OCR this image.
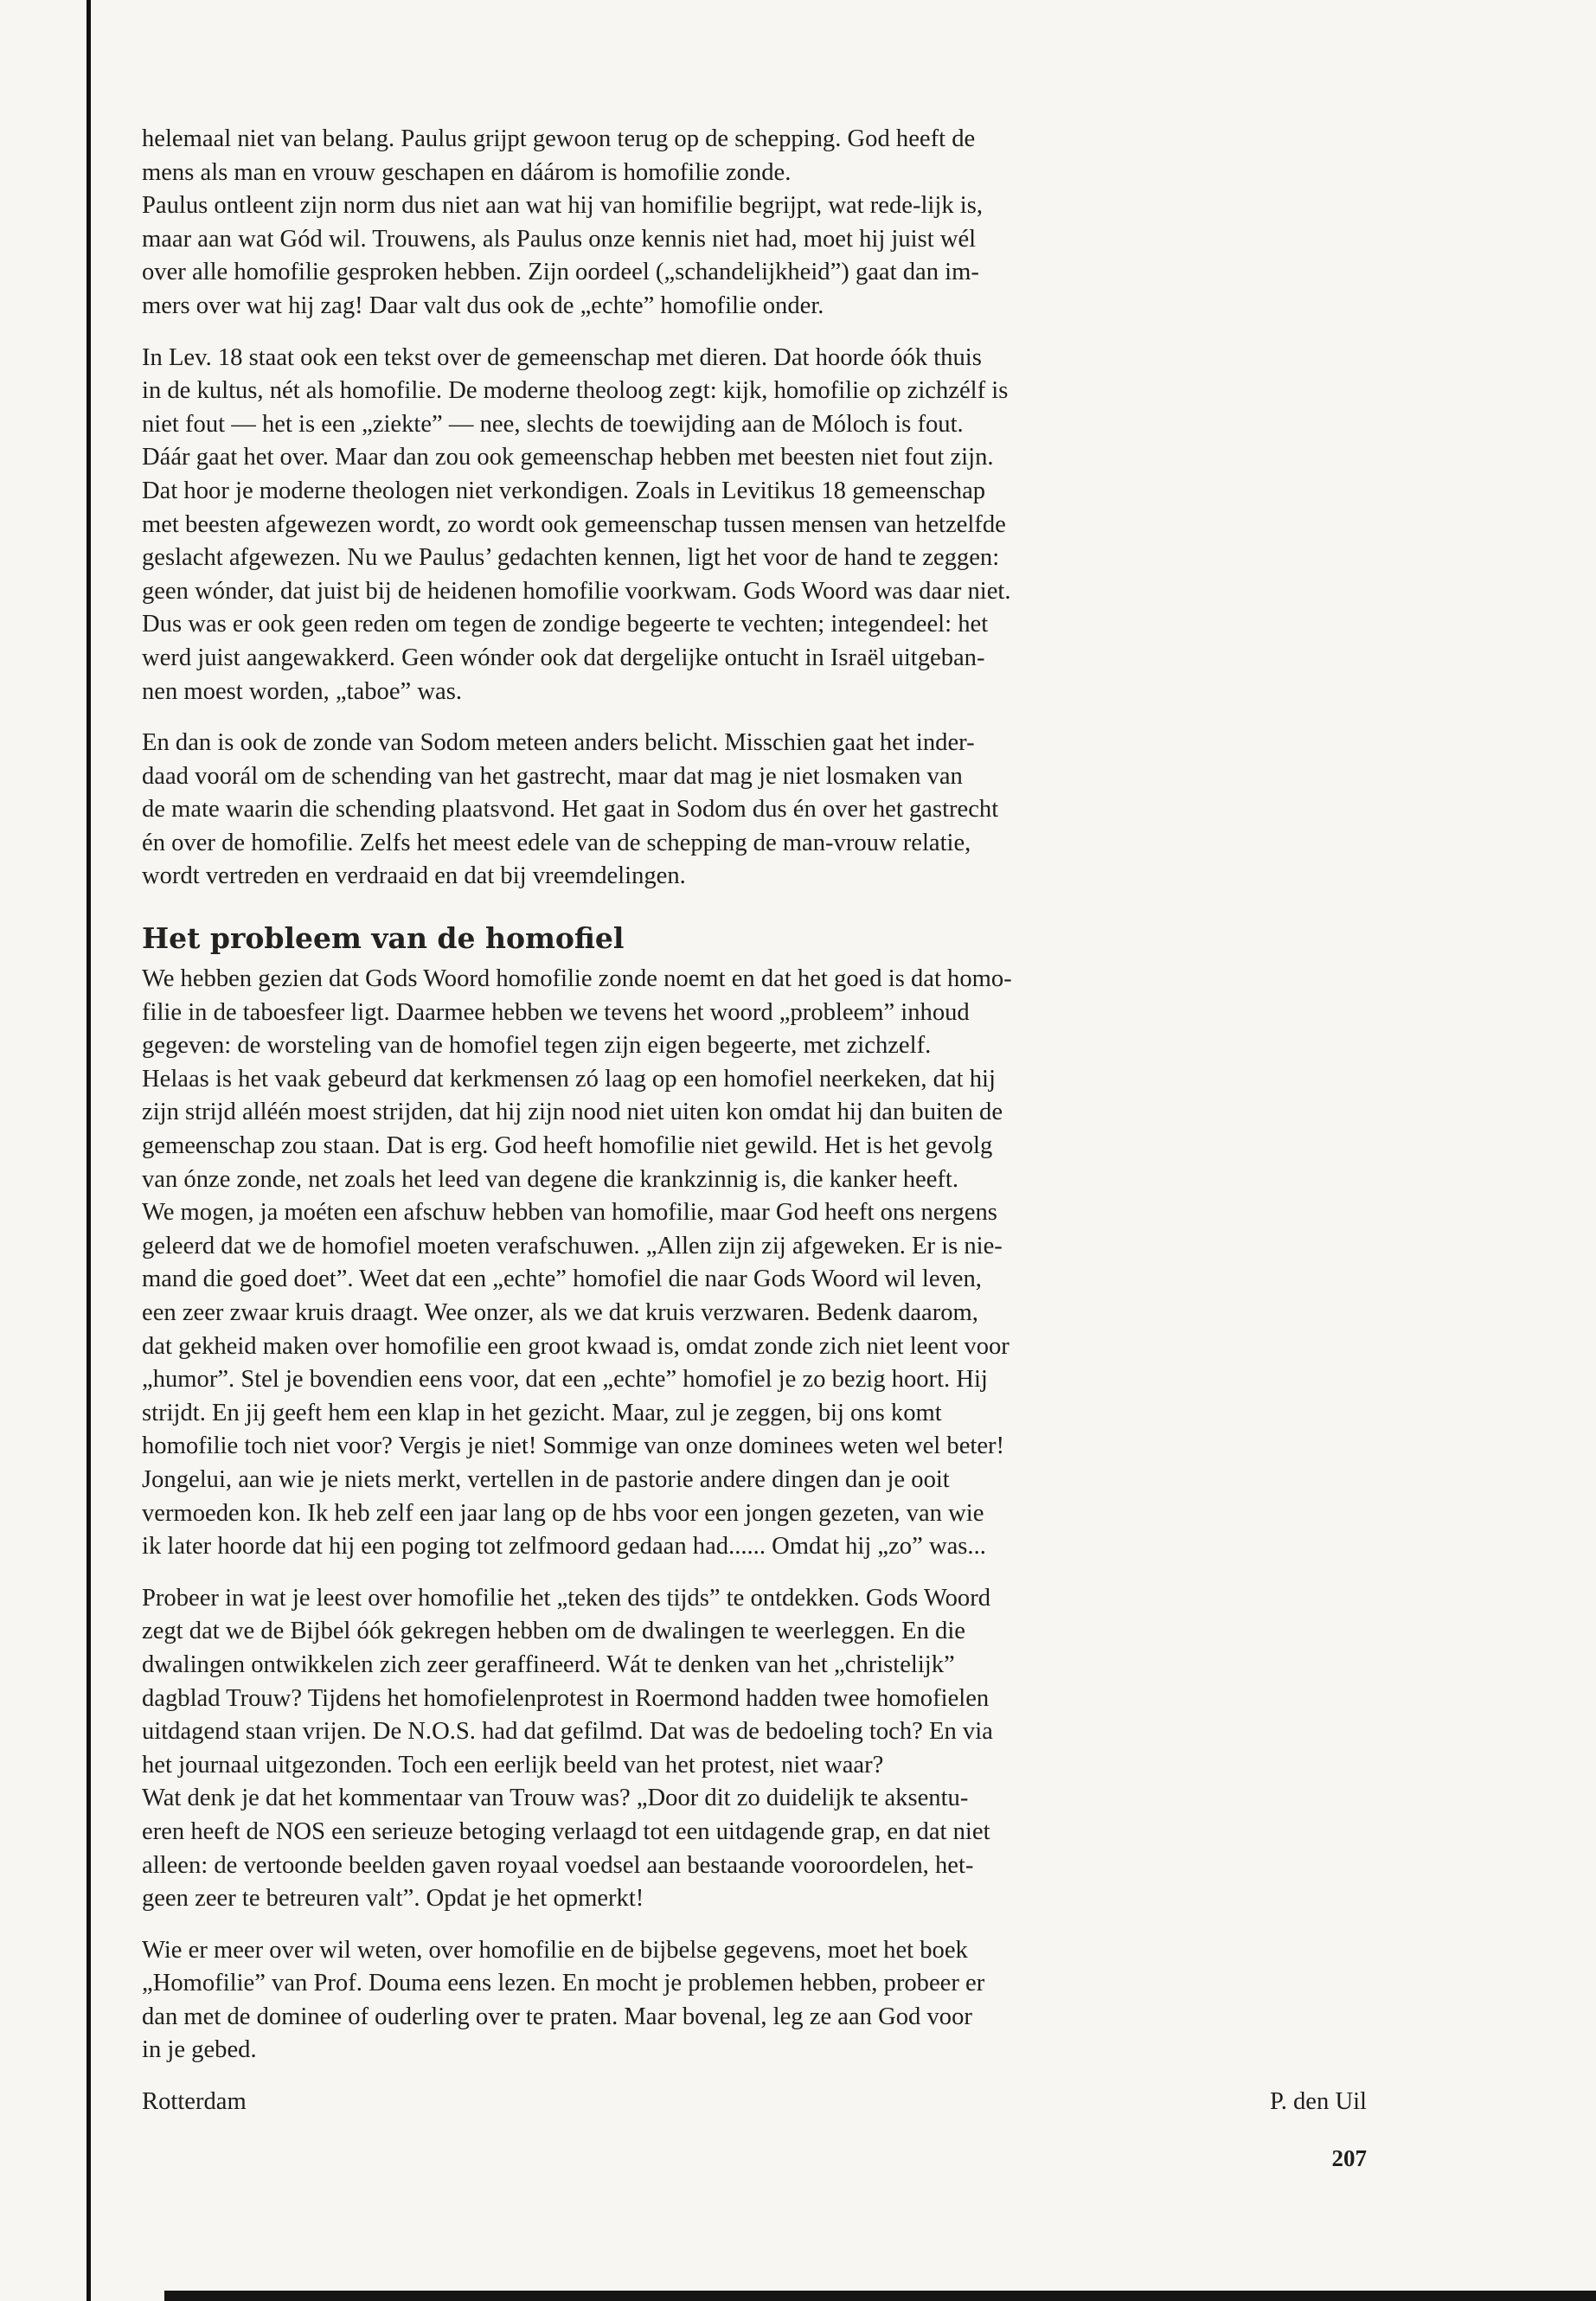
helemaal niet van belang. Paulus grijpt gewoon terug op de schepping. God heeft de
mens als man en vrouw geschapen en dáárom is homofilie zonde.
Paulus ontleent zijn norm dus niet aan wat hij van homifilie begrijpt, wat rede-lijk is,
maar aan wat Gód wil. Trouwens, als Paulus onze kennis niet had, moet hij juist wél
over alle homofilie gesproken hebben. Zijn oordeel („schandelijkheid”) gaat dan im-
mers over wat hij zag! Daar valt dus ook de „echte” homofilie onder.
In Lev. 18 staat ook een tekst over de gemeenschap met dieren. Dat hoorde óók thuis
in de kultus, nét als homofilie. De moderne theoloog zegt: kijk, homofilie op zichzélf is
niet fout — het is een „ziekte” — nee, slechts de toewijding aan de Móloch is fout.
Dáár gaat het over. Maar dan zou ook gemeenschap hebben met beesten niet fout zijn.
Dat hoor je moderne theologen niet verkondigen. Zoals in Levitikus 18 gemeenschap
met beesten afgewezen wordt, zo wordt ook gemeenschap tussen mensen van hetzelfde
geslacht afgewezen. Nu we Paulus’ gedachten kennen, ligt het voor de hand te zeggen:
geen wónder, dat juist bij de heidenen homofilie voorkwam. Gods Woord was daar niet.
Dus was er ook geen reden om tegen de zondige begeerte te vechten; integendeel: het
werd juist aangewakkerd. Geen wónder ook dat dergelijke ontucht in Israël uitgeban-
nen moest worden, „taboe” was.
En dan is ook de zonde van Sodom meteen anders belicht. Misschien gaat het inder-
daad voorál om de schending van het gastrecht, maar dat mag je niet losmaken van
de mate waarin die schending plaatsvond. Het gaat in Sodom dus én over het gastrecht
én over de homofilie. Zelfs het meest edele van de schepping de man-vrouw relatie,
wordt vertreden en verdraaid en dat bij vreemdelingen.
Het probleem van de homofiel
We hebben gezien dat Gods Woord homofilie zonde noemt en dat het goed is dat homo-
filie in de taboesfeer ligt. Daarmee hebben we tevens het woord „probleem” inhoud
gegeven: de worsteling van de homofiel tegen zijn eigen begeerte, met zichzelf.
Helaas is het vaak gebeurd dat kerkmensen zó laag op een homofiel neerkeken, dat hij
zijn strijd alléén moest strijden, dat hij zijn nood niet uiten kon omdat hij dan buiten de
gemeenschap zou staan. Dat is erg. God heeft homofilie niet gewild. Het is het gevolg
van ónze zonde, net zoals het leed van degene die krankzinnig is, die kanker heeft.
We mogen, ja moéten een afschuw hebben van homofilie, maar God heeft ons nergens
geleerd dat we de homofiel moeten verafschuwen. „Allen zijn zij afgeweken. Er is nie-
mand die goed doet”. Weet dat een „echte” homofiel die naar Gods Woord wil leven,
een zeer zwaar kruis draagt. Wee onzer, als we dat kruis verzwaren. Bedenk daarom,
dat gekheid maken over homofilie een groot kwaad is, omdat zonde zich niet leent voor
„humor”. Stel je bovendien eens voor, dat een „echte” homofiel je zo bezig hoort. Hij
strijdt. En jij geeft hem een klap in het gezicht. Maar, zul je zeggen, bij ons komt
homofilie toch niet voor? Vergis je niet! Sommige van onze dominees weten wel beter!
Jongelui, aan wie je niets merkt, vertellen in de pastorie andere dingen dan je ooit
vermoeden kon. Ik heb zelf een jaar lang op de hbs voor een jongen gezeten, van wie
ik later hoorde dat hij een poging tot zelfmoord gedaan had...... Omdat hij „zo” was...
Probeer in wat je leest over homofilie het „teken des tijds” te ontdekken. Gods Woord
zegt dat we de Bijbel óók gekregen hebben om de dwalingen te weerleggen. En die
dwalingen ontwikkelen zich zeer geraffineerd. Wát te denken van het „christelijk”
dagblad Trouw? Tijdens het homofielenprotest in Roermond hadden twee homofielen
uitdagend staan vrijen. De N.O.S. had dat gefilmd. Dat was de bedoeling toch? En via
het journaal uitgezonden. Toch een eerlijk beeld van het protest, niet waar?
Wat denk je dat het kommentaar van Trouw was? „Door dit zo duidelijk te aksentu-
eren heeft de NOS een serieuze betoging verlaagd tot een uitdagende grap, en dat niet
alleen: de vertoonde beelden gaven royaal voedsel aan bestaande vooroordelen, het-
geen zeer te betreuren valt”. Opdat je het opmerkt!
Wie er meer over wil weten, over homofilie en de bijbelse gegevens, moet het boek
„Homofilie” van Prof. Douma eens lezen. En mocht je problemen hebben, probeer er
dan met de dominee of ouderling over te praten. Maar bovenal, leg ze aan God voor
in je gebed.
Rotterdam	P. den Uil
207
